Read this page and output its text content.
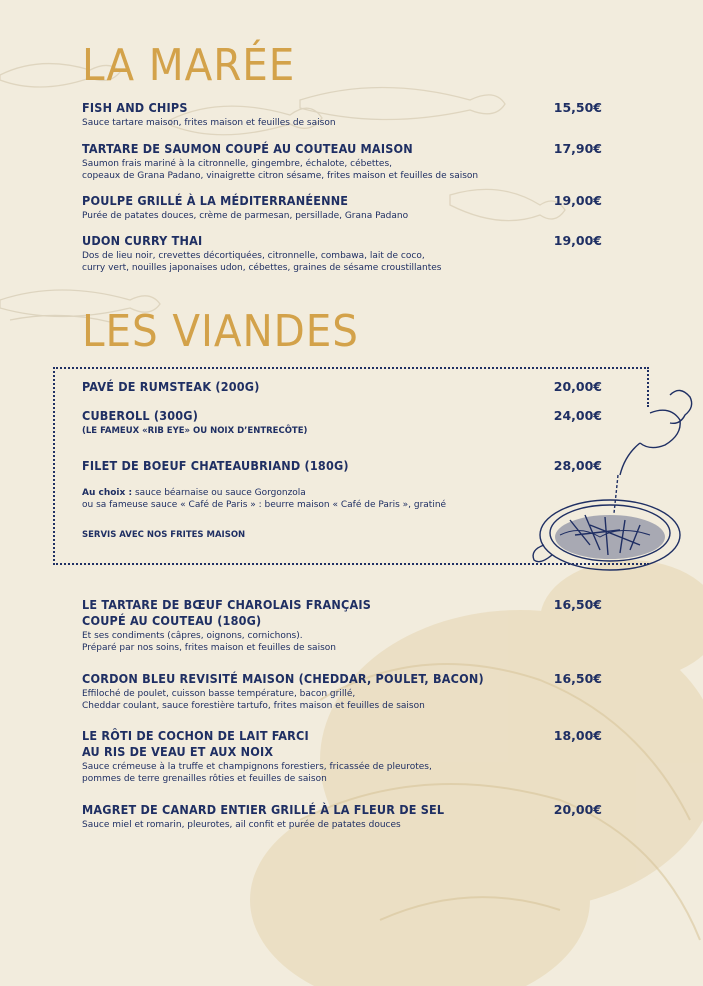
LA MARÉE
FISH AND CHIPS	15,50€
Sauce tartare maison, frites maison et feuilles de saison
TARTARE DE SAUMON COUPÉ AU COUTEAU MAISON	17,90€
Saumon frais mariné à la citronnelle, gingembre, échalote, cébettes,
copeaux de Grana Padano, vinaigrette citron sésame, frites maison et feuilles de saison
POULPE GRILLÉ À LA MÉDITERRANÉENNE	19,00€
Purée de patates douces, crème de parmesan, persillade, Grana Padano
UDON CURRY THAI	19,00€
Dos de lieu noir, crevettes décortiquées, citronnelle, combawa, lait de coco,
curry vert, nouilles japonaises udon, cébettes, graines de sésame croustillantes
LES VIANDES
PAVÉ DE RUMSTEAK (200G)	20,00€
CUBEROLL (300G)	24,00€
(LE FAMEUX «RIB EYE» OU NOIX D’ENTRECÔTE)
FILET DE BOEUF CHATEAUBRIAND (180G)	28,00€
Au choix : sauce béarnaise ou sauce Gorgonzola
ou sa fameuse sauce « Café de Paris » : beurre maison « Café de Paris », gratiné
SERVIS AVEC NOS FRITES MAISON
LE TARTARE DE BŒUF CHAROLAIS FRANÇAIS
COUPÉ AU COUTEAU (180G)
16,50€
Et ses condiments (câpres, oignons, cornichons).
Préparé par nos soins, frites maison et feuilles de saison
CORDON BLEU REVISITÉ MAISON (CHEDDAR, POULET, BACON)	16,50€
Effiloché de poulet, cuisson basse température, bacon grillé,
Cheddar coulant, sauce forestière tartufo, frites maison et feuilles de saison
LE RÔTI DE COCHON DE LAIT FARCI
AU RIS DE VEAU ET AUX NOIX
18,00€
Sauce crémeuse à la truffe et champignons forestiers, fricassée de pleurotes,
pommes de terre grenailles rôties et feuilles de saison
MAGRET DE CANARD ENTIER GRILLÉ À LA FLEUR DE SEL	20,00€
Sauce miel et romarin, pleurotes, ail confit et purée de patates douces
